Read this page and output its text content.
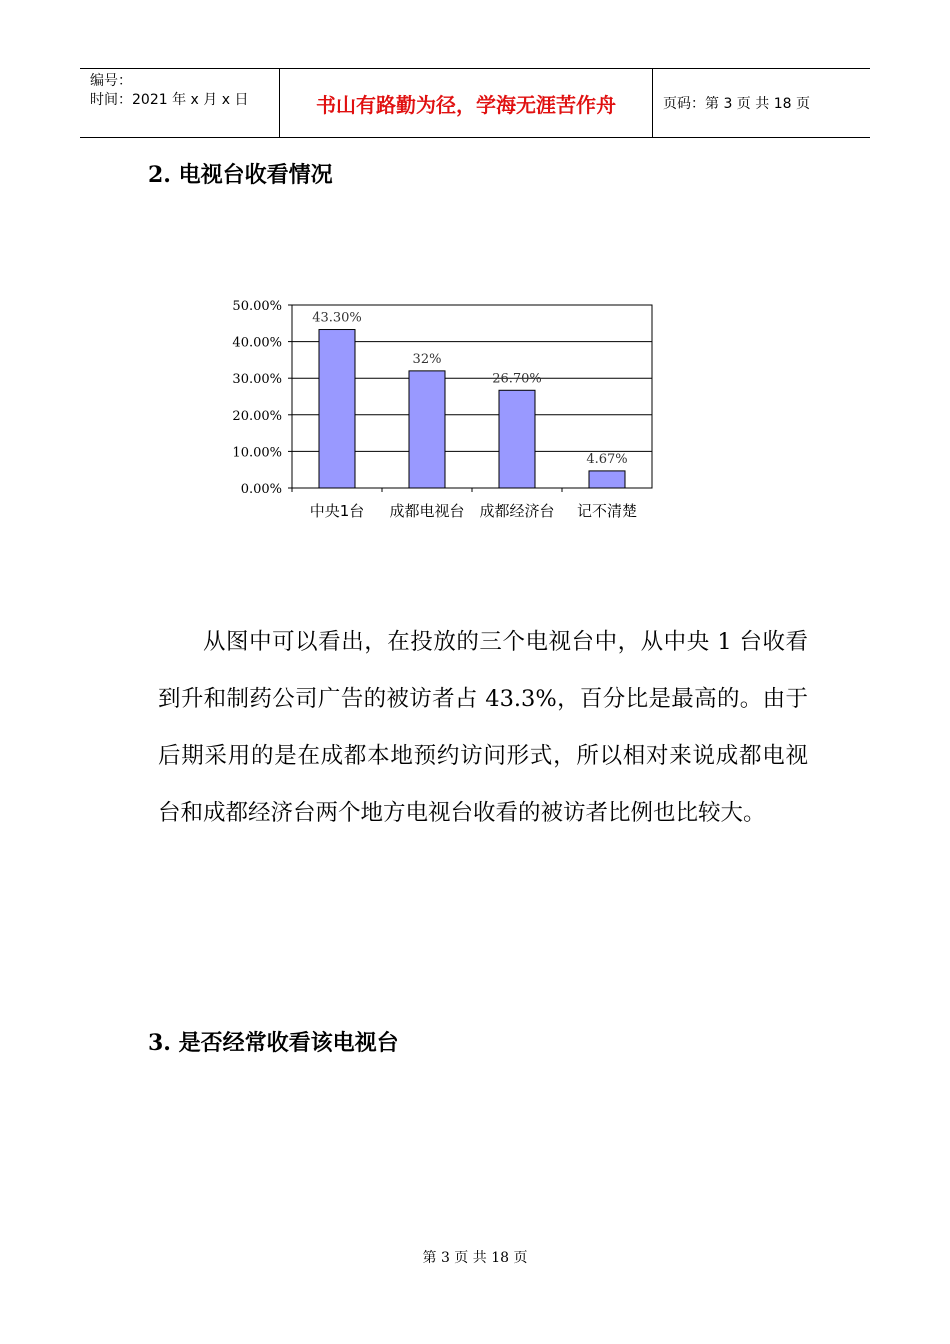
编号：
时间：2021 年 x 月 x 日	书山有路勤为径，学海无涯苦作舟	页码：第 3 页 共 18 页
2. 电视台收看情况
0.00%
10.00%
20.00%
30.00%
40.00%
50.00%
43.30%
中央1台
32%
成都电视台
26.70%
成都经济台
4.67%
记不清楚
从图中可以看出，在投放的三个电视台中，从中央 1 台收看到升和制药公司广告的被访者占 43.3%，百分比是最高的。由于后期采用的是在成都本地预约访问形式，所以相对来说成都电视台和成都经济台两个地方电视台收看的被访者比例也比较大。
3. 是否经常收看该电视台
第 3 页 共 18 页
